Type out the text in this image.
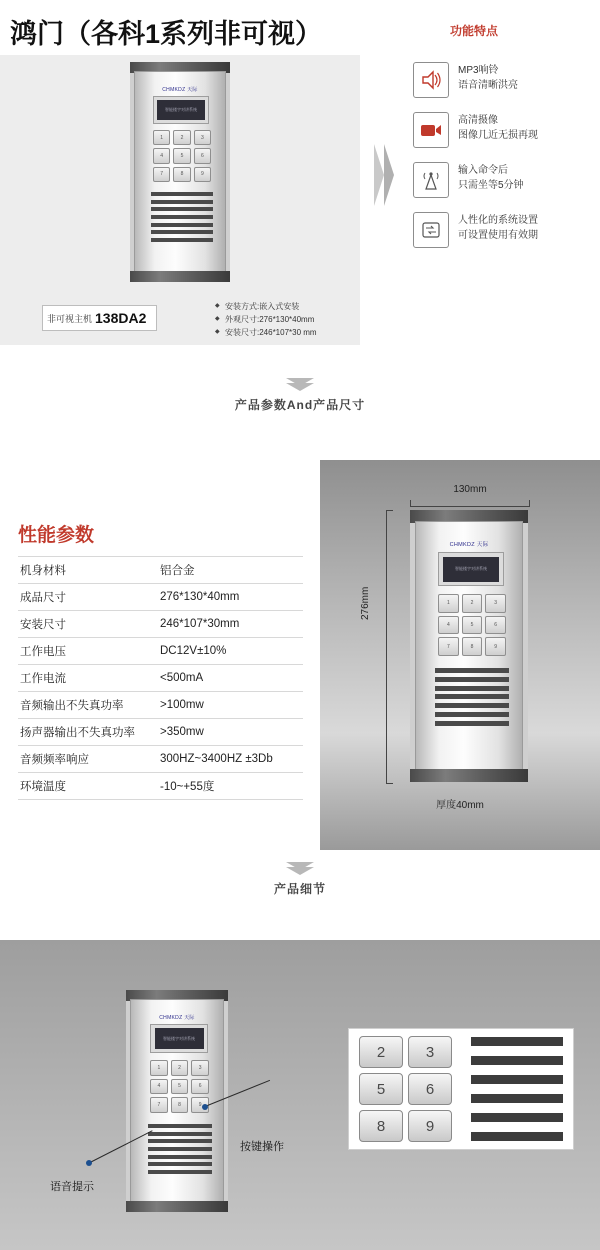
鸿门（各科1系列非可视）
CHMKDZ 天际
智能楼宇对讲系统
1	2	3
4	5	6
7	8	9
非可视主机 138DA2
◆ 安装方式:嵌入式安装
◆ 外观尺寸:276*130*40mm
◆ 安装尺寸:246*107*30 mm
功能特点
MP3响铃
语音清晰洪亮
高清摄像
图像几近无损再现
输入命令后
只需坐等5分钟
人性化的系统设置
可设置使用有效期
产品参数And产品尺寸
性能参数
机身材料	铝合金
成品尺寸	276*130*40mm
安装尺寸	246*107*30mm
工作电压	DC12V±10%
工作电流	<500mA
音频输出不失真功率	>100mw
扬声器输出不失真功率	>350mw
音频频率响应	300HZ~3400HZ ±3Db
环境温度	-10~+55度
厚度40mm
130mm
276mm
CHMKDZ 天际
智能楼宇对讲系统
1	2	3
4	5	6
7	8	9
产品细节
CHMKDZ 天际
智能楼宇对讲系统
1	2	3
4	5	6
7	8	9
按键操作
语音提示
2	3
5	6
8	9
